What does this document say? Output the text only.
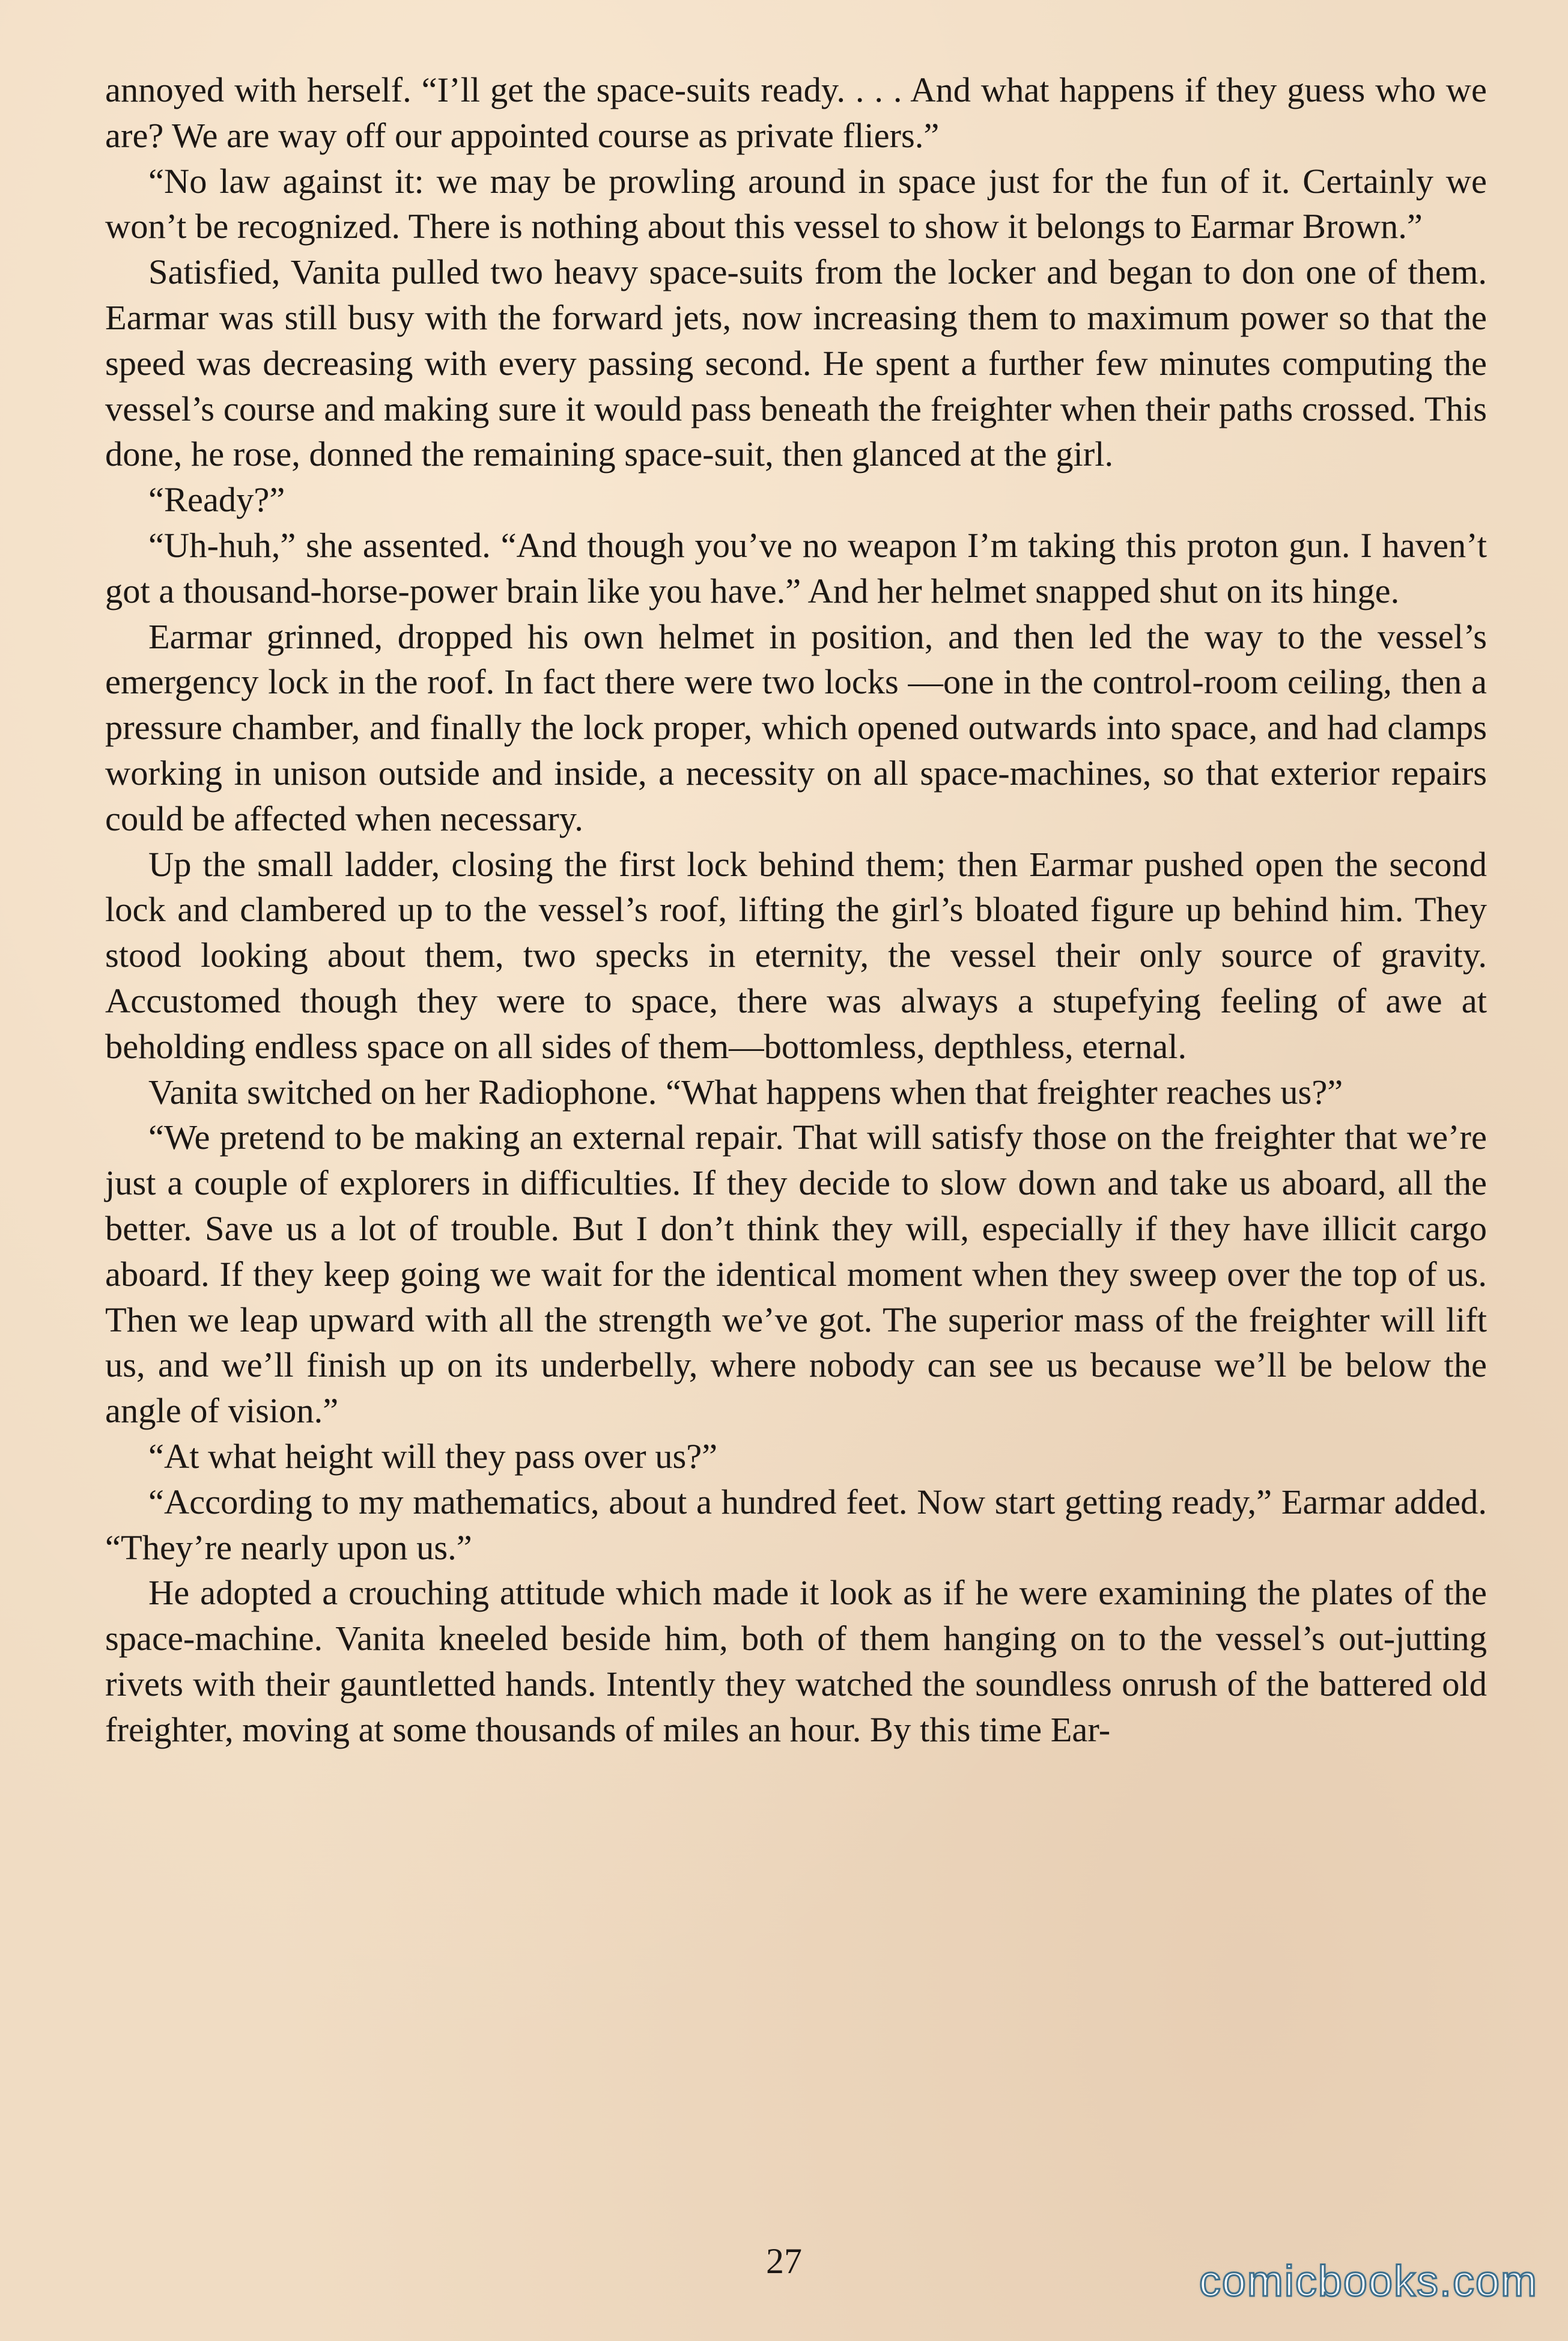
annoyed with herself. “I’ll get the space-suits ready. . . . And what happens if they guess who we are? We are way off our appointed course as private fliers.”

“No law against it: we may be prowling around in space just for the fun of it. Certainly we won’t be recognized. There is nothing about this vessel to show it belongs to Earmar Brown.”

Satisfied, Vanita pulled two heavy space-suits from the locker and began to don one of them. Earmar was still busy with the forward jets, now increasing them to maximum power so that the speed was decreasing with every passing second. He spent a further few minutes computing the vessel’s course and making sure it would pass beneath the freighter when their paths crossed. This done, he rose, donned the remaining space-suit, then glanced at the girl.

“Ready?”

“Uh-huh,” she assented. “And though you’ve no weapon I’m taking this proton gun. I haven’t got a thousand-horse-power brain like you have.” And her helmet snapped shut on its hinge.

Earmar grinned, dropped his own helmet in position, and then led the way to the vessel’s emergency lock in the roof. In fact there were two locks —one in the control-room ceiling, then a pressure chamber, and finally the lock proper, which opened outwards into space, and had clamps working in unison outside and inside, a necessity on all space-machines, so that exterior repairs could be affected when necessary.

Up the small ladder, closing the first lock behind them; then Earmar pushed open the second lock and clambered up to the vessel’s roof, lifting the girl’s bloated figure up behind him. They stood looking about them, two specks in eternity, the vessel their only source of gravity. Accustomed though they were to space, there was always a stupefying feeling of awe at beholding endless space on all sides of them—bottomless, depthless, eternal.

Vanita switched on her Radiophone. “What happens when that freighter reaches us?”

“We pretend to be making an external repair. That will satisfy those on the freighter that we’re just a couple of explorers in difficulties. If they decide to slow down and take us aboard, all the better. Save us a lot of trouble. But I don’t think they will, especially if they have illicit cargo aboard. If they keep going we wait for the identical moment when they sweep over the top of us. Then we leap upward with all the strength we’ve got. The superior mass of the freighter will lift us, and we’ll finish up on its underbelly, where nobody can see us because we’ll be below the angle of vision.”

“At what height will they pass over us?”

“According to my mathematics, about a hundred feet. Now start getting ready,” Earmar added. “They’re nearly upon us.”

He adopted a crouching attitude which made it look as if he were examining the plates of the space-machine. Vanita kneeled beside him, both of them hanging on to the vessel’s out-jutting rivets with their gauntletted hands. Intently they watched the soundless onrush of the battered old freighter, moving at some thousands of miles an hour. By this time Ear-

27	comicbooks.com
